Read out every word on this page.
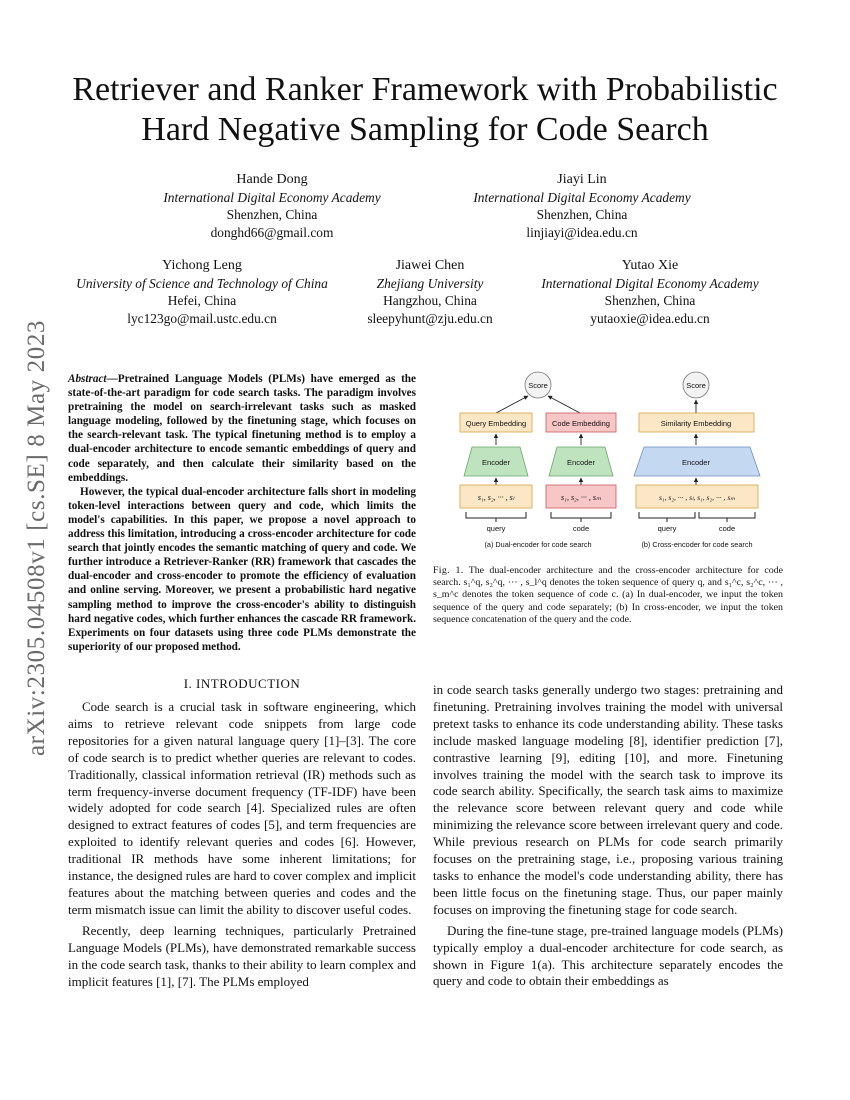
Retriever and Ranker Framework with Probabilistic
Hard Negative Sampling for Code Search
Hande Dong
International Digital Economy Academy
Shenzhen, China
donghd66@gmail.com
Jiayi Lin
International Digital Economy Academy
Shenzhen, China
linjiayi@idea.edu.cn
Yichong Leng
University of Science and Technology of China
Hefei, China
lyc123go@mail.ustc.edu.cn
Jiawei Chen
Zhejiang University
Hangzhou, China
sleepyhunt@zju.edu.cn
Yutao Xie
International Digital Economy Academy
Shenzhen, China
yutaoxie@idea.edu.cn
arXiv:2305.04508v1 [cs.SE] 8 May 2023 Abstract—Pretrained Language Models (PLMs) have emerged as the state-of-the-art paradigm for code search tasks. The paradigm involves pretraining the model on search-irrelevant tasks such as masked language modeling, followed by the finetuning stage, which focuses on the search-relevant task. The typical finetuning method is to employ a dual-encoder architecture to encode semantic embeddings of query and code separately, and then calculate their similarity based on the embeddings.

However, the typical dual-encoder architecture falls short in modeling token-level interactions between query and code, which limits the model's capabilities. In this paper, we propose a novel approach to address this limitation, introducing a cross-encoder architecture for code search that jointly encodes the semantic matching of query and code. We further introduce a Retriever-Ranker (RR) framework that cascades the dual-encoder and cross-encoder to promote the efficiency of evaluation and online serving. Moreover, we present a probabilistic hard negative sampling method to improve the cross-encoder's ability to distinguish hard negative codes, which further enhances the cascade RR framework. Experiments on four datasets using three code PLMs demonstrate the superiority of our proposed method.

I. INTRODUCTION

Code search is a crucial task in software engineering, which aims to retrieve relevant code snippets from large code repositories for a given natural language query [1]–[3]. The core of code search is to predict whether queries are relevant to codes. Traditionally, classical information retrieval (IR) methods such as term frequency-inverse document frequency (TF-IDF) have been widely adopted for code search [4]. Specialized rules are often designed to extract features of codes [5], and term frequencies are exploited to identify relevant queries and codes [6]. However, traditional IR methods have some inherent limitations; for instance, the designed rules are hard to cover complex and implicit features about the matching between queries and codes and the term mismatch issue can limit the ability to discover useful codes.

Recently, deep learning techniques, particularly Pretrained Language Models (PLMs), have demonstrated remarkable success in the code search task, thanks to their ability to learn complex and implicit features [1], [7]. The PLMs employed

Score
Query Embedding	Code Embedding
Encoder	Encoder
s₁, s₂, ··· , sₗ	s₁, s₂, ··· , sₘ
query	code
(a) Dual-encoder for code search
Score
Similarity Embedding
Encoder
s₁, s₂, ··· , sₗ, s₁, s₂, ··· , sₘ
query	code
(b) Cross-encoder for code search
Fig. 1. The dual-encoder architecture and the cross-encoder architecture for code search. s₁^q, s₂^q, ··· , s_l^q denotes the token sequence of query q, and s₁^c, s₂^c, ··· , s_m^c denotes the token sequence of code c. (a) In dual-encoder, we input the token sequence of the query and code separately; (b) In cross-encoder, we input the token sequence concatenation of the query and the code.

in code search tasks generally undergo two stages: pretraining and finetuning. Pretraining involves training the model with universal pretext tasks to enhance its code understanding ability. These tasks include masked language modeling [8], identifier prediction [7], contrastive learning [9], editing [10], and more. Finetuning involves training the model with the search task to improve its code search ability. Specifically, the search task aims to maximize the relevance score between relevant query and code while minimizing the relevance score between irrelevant query and code. While previous research on PLMs for code search primarily focuses on the pretraining stage, i.e., proposing various training tasks to enhance the model's code understanding ability, there has been little focus on the finetuning stage. Thus, our paper mainly focuses on improving the finetuning stage for code search.

During the fine-tune stage, pre-trained language models (PLMs) typically employ a dual-encoder architecture for code search, as shown in Figure 1(a). This architecture separately encodes the query and code to obtain their embeddings as
